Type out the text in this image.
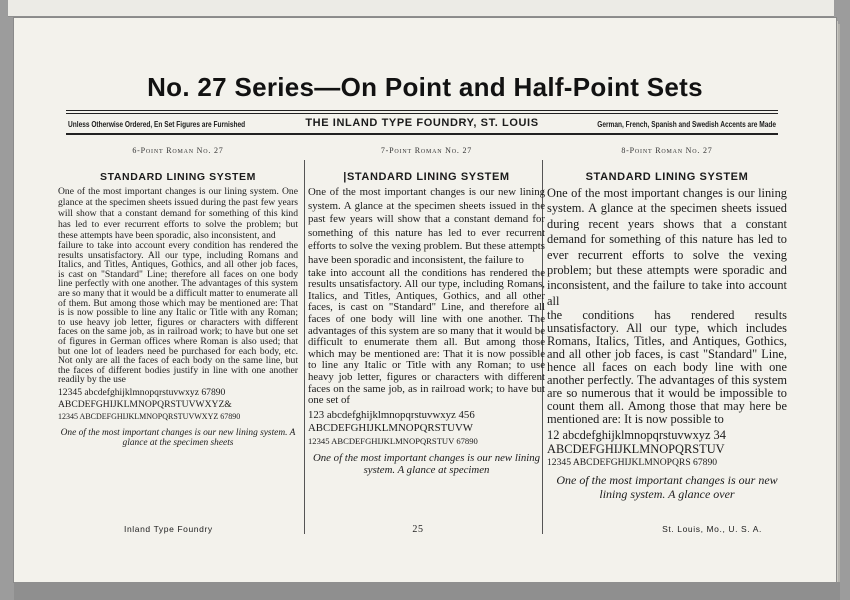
No. 27 Series—On Point and Half-Point Sets
Unless Otherwise Ordered, En Set Figures are Furnished	THE INLAND TYPE FOUNDRY, ST. LOUIS	German, French, Spanish and Swedish Accents are Made
6-Point Roman No. 27
STANDARD LINING SYSTEM

One of the most important changes is our lining system. One glance at the specimen sheets issued during the past few years will show that a constant demand for something of this kind has led to ever recurrent efforts to solve the problem; but these attempts have been sporadic, also inconsistent, and

failure to take into account every condition has rendered the results unsatisfactory. All our type, including Romans and Italics, and Titles, Antiques, Gothics, and all other job faces, is cast on "Standard" Line; therefore all faces on one body line perfectly with one another. The advantages of this system are so many that it would be a difficult matter to enumerate all of them. But among those which may be mentioned are: That is is now possible to line any Italic or Title with any Roman; to use heavy job letter, figures or characters with different faces on the same job, as in railroad work; to have but one set of figures in German offices where Roman is also used; that but one lot of leaders need be purchased for each body, etc. Not only are all the faces of each body on the same line, but the faces of different bodies justify in line with one another readily by the use

12345 abcdefghijklmnopqrstuvwxyz 67890
ABCDEFGHIJKLMNOPQRSTUVWXYZ&
12345 ABCDEFGHIJKLMNOPQRSTUVWXYZ 67890
One of the most important changes is our new lining system. A glance at the specimen sheets
7-Point Roman No. 27
|STANDARD LINING SYSTEM

One of the most important changes is our new lining system. A glance at the specimen sheets issued in the past few years will show that a constant demand for something of this nature has led to ever recurrent efforts to solve the vexing problem. But these attempts have been sporadic and inconsistent, the failure to

take into account all the conditions has rendered the results unsatisfactory. All our type, including Romans, Italics, and Titles, Antiques, Gothics, and all other faces, is cast on "Standard" Line, and therefore all faces of one body will line with one another. The advantages of this system are so many that it would be difficult to enumerate them all. But among those which may be mentioned are: That it is now possible to line any Italic or Title with any Roman; to use heavy job letter, figures or characters with different faces on the same job, as in railroad work; to have but one set of

123 abcdefghijklmnopqrstuvwxyz 456
ABCDEFGHIJKLMNOPQRSTUVW
12345 ABCDEFGHIJKLMNOPQRSTUV 67890
One of the most important changes is our new lining system. A glance at specimen
8-Point Roman No. 27
STANDARD LINING SYSTEM

One of the most important changes is our lining system. A glance at the specimen sheets issued during recent years shows that a constant demand for something of this nature has led to ever recurrent efforts to solve the vexing problem; but these attempts were sporadic and inconsistent, and the failure to take into account all

the conditions has rendered results unsatisfactory. All our type, which includes Romans, Italics, Titles, and Antiques, Gothics, and all other job faces, is cast "Standard" Line, hence all faces on each body line with one another perfectly. The advantages of this system are so numerous that it would be impossible to count them all. Among those that may here be mentioned are: It is now possible to

12 abcdefghijklmnopqrstuvwxyz 34
ABCDEFGHIJKLMNOPQRSTUV
12345 ABCDEFGHIJKLMNOPQRS 67890
One of the most important changes is our new lining system. A glance over
Inland Type Foundry	25	St. Louis, Mo., U. S. A.
